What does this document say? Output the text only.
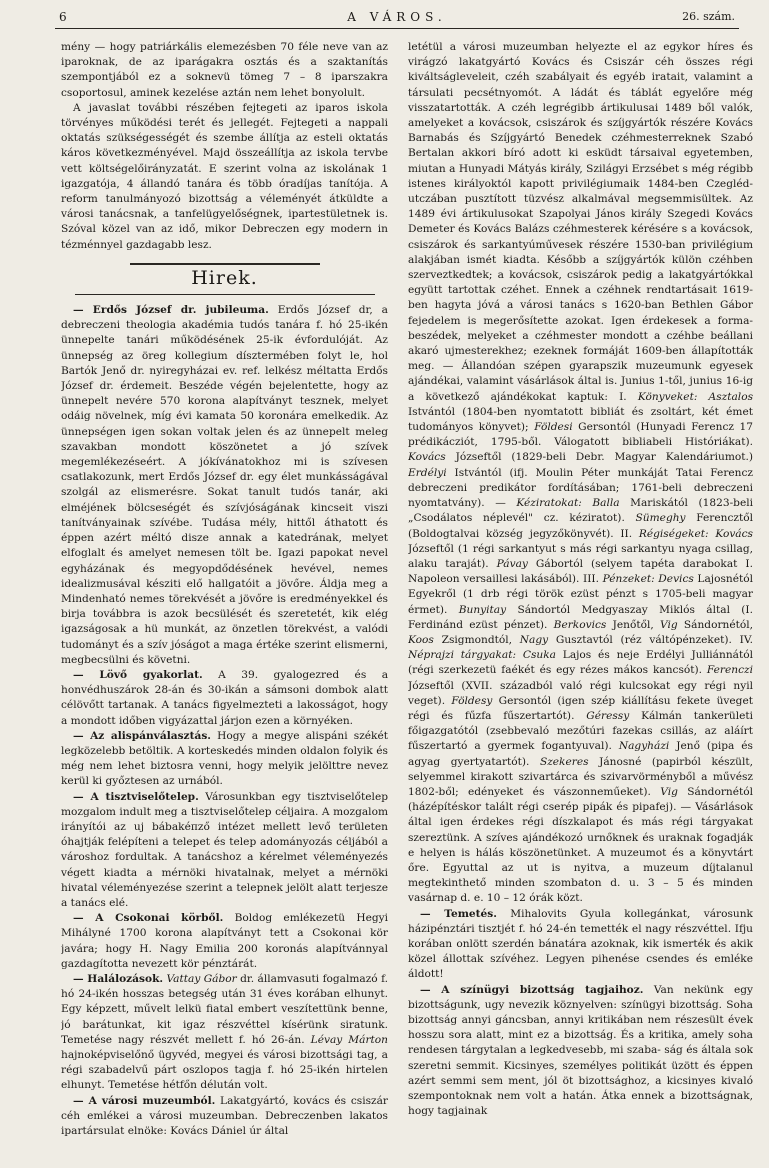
6	A VÁROS.	26. szám.

mény — hogy patriárkális elemezésben 70 féle neve van az iparoknak, de az iparágakra osztás és a szaktanítás szempontjából ez a soknevü tömeg 7 – 8 iparszakra csoportosul, aminek kezelése aztán nem lehet bonyolult.

A javaslat további részében fejtegeti az iparos iskola törvényes működési terét és jellegét. Fejtegeti a nappali oktatás szükségességét és szembe állítja az esteli oktatás káros következményével. Majd összeállítja az iskola tervbe vett költségelőirányzatát. E szerint volna az iskolának 1 igazgatója, 4 állandó tanára és több óradíjas tanítója. A reform tanulmányozó bizottság a véleményét átküldte a városi tanácsnak, a tanfelügyelőségnek, ipartestületnek is. Szóval közel van az idő, mikor Debreczen egy modern in tézménnyel gazdagabb lesz.

Hirek.

— Erdős József dr. jubileuma. Erdős József dr, a debreczeni theologia akadémia tudós tanára f. hó 25-ikén ünnepelte tanári működésének 25-ik évfordulóját. Az ünnepség az öreg kollegium dísztermében folyt le, hol Bartók Jenő dr. nyiregyházai ev. ref. lelkész méltatta Erdős József dr. érdemeit. Beszéde végén bejelentette, hogy az ünnepelt nevére 570 korona alapítványt tesznek, melyet odáig növelnek, míg évi kamata 50 koronára emelkedik. Az ünnepségen igen sokan voltak jelen és az ünnepelt meleg szavakban mondott köszönetet a jó szívek megemlékezéseért. A jókívánatokhoz mi is szívesen csatlakozunk, mert Erdős József dr. egy élet munkásságával szolgál az elismerésre. Sokat tanult tudós tanár, aki elméjének bölcseségét és szívjóságának kincseit viszi tanítványainak szívébe. Tudása mély, hittől áthatott és éppen azért méltó disze annak a katedrának, melyet elfoglalt és amelyet nemesen tölt be. Igazi papokat nevel egyházának és megyopdődésének hevével, nemes idealizmusával késziti elő hallgatóit a jövőre. Áldja meg a Mindenható nemes törekvését a jövőre is eredményekkel és birja továbbra is azok becsülését és szeretetét, kik elég igazságosak a hü munkát, az önzetlen törekvést, a valódi tudományt és a szív jóságot a maga értéke szerint elismerni, megbecsülni és követni.

— Lövő gyakorlat. A 39. gyalogezred és a honvédhuszárok 28-án és 30-ikán a sámsoni dombok alatt célövőtt tartanak. A tanács figyelmezteti a lakosságot, hogy a mondott időben vigyázattal járjon ezen a környéken.

— Az alispánválasztás. Hogy a megye alispáni székét legközelebb betöltik. A korteskedés minden oldalon folyik és még nem lehet biztosra venni, hogy melyik jelölttre nevez kerül ki győztesen az urnából.

— A tisztviselőtelep. Városunkban egy tisztviselőtelep mozgalom indult meg a tisztviselőtelep céljaira. A mozgalom irányítói az uj bábakéпző intézet mellett levő területen óhajtják felépíteni a telepet és telep adományozás céljából a városhoz fordultak. A tanácshoz a kérelmet véleményezés végett kiadta a mérnöki hivatalnak, melyet a mérnöki hivatal véleményezése szerint a telepnek jelölt alatt terjesze a tanács elé.

— A Csokonai körből. Boldog emlékezetü Hegyi Mihályné 1700 korona alapítványt tett a Csokonai kör javára; hogy H. Nagy Emilia 200 koronás alapítvánnyal gazdagította nevezett kör pénztárát.

— Halálozások. Vattay Gábor dr. államvasuti fogalmazó f. hó 24-ikén hosszas betegség után 31 éves korában elhunyt. Egy képzett, művelt lelkü fiatal embert veszítettünk benne, jó barátunkat, kit igaz részvéttel kísérünk siratunk. Temetése nagy részvét mellett f. hó 26-án. Lévay Márton hajnoképviselőnő ügyvéd, megyei és városi bizottsági tag, a régi szabadelvű párt oszlopos tagja f. hó 25-ikén hirtelen elhunyt. Temetése hétfőn délután volt.

— A városi muzeumból. Lakatgyártó, kovács és csiszár céh emlékei a városi muzeumban. Debreczenben lakatos ipartársulat elnöke: Kovács Dániel úr által

letétül a városi muzeumban helyezte el az egykor híres és virágzó lakatgyártó Kovács és Csiszár céh összes régi kiváltságleveleit, czéh szabályait és egyéb iratait, valamint a társulati pecsétnyomót. A ládát és táblát egyelőre még visszatartották. A czéh legrégibb ártikulusai 1489 ből valók, amelyeket a kovácsok, csiszárok és szíjgyártók részére Kovács Barnabás és Szíjgyártó Benedek czéhmesterreknek Szabó Bertalan akkori bíró adott ki esküdt társaival egyetemben, miutan a Hunyadi Mátyás király, Szilágyi Erzsébet s még régibb istenes királyoktól kapott privilégiumaik 1484-ben Czegléd-utczában pusztított tüzvész alkalmával megsemmisültek. Az 1489 évi ártikulusokat Szapolyai János király Szegedi Kovács Demeter és Kovács Balázs czéhmesterek kérésére s a kovácsok, csiszárok és sarkantyúművesek részére 1530-ban privilégium alakjában ismét kiadta. Később a szíjgyártók külön czéhben szerveztkedtek; a kovácsok, csiszárok pedig a lakatgyártókkal együtt tartottak czéhet. Ennek a czéhnek rendtartásait 1619-ben hagyta jóvá a városi tanács s 1620-ban Bethlen Gábor fejedelem is megerősítette azokat. Igen érdekesek a forma-beszédek, melyeket a czéhmester mondott a czéhbe beállani akaró ujmesterekhez; ezeknek formáját 1609-ben állapították meg. — Állandóan szépen gyarapszik muzeumunk egyesek ajándékai, valamint vásárlások által is. Junius 1-től, junius 16-ig a következő ajándékokat kaptuk: I. Könyveket: Asztalos Istvántól (1804-ben nyomtatott bibliát és zsoltárt, két émet tudományos könyvet); Földesi Gersontól (Hunyadi Ferencz 17 prédikácziót, 1795-ből. Válogatott bibliabeli Históriákat). Kovács Józseftől (1829-beli Debr. Magyar Kalendáriumot.) Erdélyi Istvántól (ifj. Moulin Péter munkáját Tatai Ferencz debreczeni predikátor fordításában; 1761-beli debreczeni nyomtatvány). — Kéziratokat: Balla Mariskától (1823-beli „Csodálatos néplevél" cz. kéziratot). Sümeghy Ferencztől (Boldogtalvai község jegyzőkönyvét). II. Régiségeket: Kovács Józseftől (1 régi sarkantyut s más régi sarkantyu nyaga csillag, alaku taraját). Pávay Gábortól (selyem tapéta darabokat I. Napoleon versaillesi lakásából). III. Pénzeket: Devics Lajosnétól Egyekről (1 drb régi török ezüst pénzt s 1705-beli magyar érmet). Bunyitay Sándortól Medgyaszay Miklós által (I. Ferdinánd ezüst pénzet). Berkovics Jenőtől, Vig Sándornétól, Koos Zsigmondtól, Nagy Gusztavtól (réz váltópénzeket). IV. Néprajzi tárgyakat: Csuka Lajos és neje Erdélyi Julliánnától (régi szerkezetü faékét és egy rézes mákos kancsót). Ferenczi Józseftől (XVII. századból való régi kulcsokat egy régi nyil veget). Földesy Gersontól (igen szép kiállításu fekete üveget régi és fűzfa fűszertartót). Géressy Kálmán tankerületi főigazgatótól (zsebbevaló mezőtúri fazekas csillás, az aláírt fűszertartó a gyermek fogantyuval). Nagyházi Jenő (pipa és agyag gyertyatartót). Szekeres Jánosné (papirból készült, selyemmel kirakott szivartárca és szivarvörményből a művész 1802-ből; edényeket és vászonneműeket). Vig Sándornétól (házépítéskor talált régi cserép pipák és pipafej). — Vásárlások által igen érdekes régi díszkalapot és más régi tárgyakat szereztünk. A szíves ajándékozó urnőknek és uraknak fogadják e helyen is hálás köszönetünket. A muzeumot és a könyvtárt őre. Egyuttal az ut is nyitva, a muzeum díjtalanul megtekinthető minden szombaton d. u. 3 – 5 és minden vasárnap d. e. 10 – 12 órák közt.

— Temetés. Mihalovits Gyula kollegánkat, városunk házipénztári tisztjét f. hó 24-én temették el nagy részvéttel. Ifju korában onlött szerdén bánatára azoknak, kik ismerték és akik közel állottak szívéhez. Legyen pihenése csendes és emléke áldott!

— A színügyi bizottság tagjaihoz. Van nekünk egy bizottságunk, ugy nevezik köznyelven: színügyi bizottság. Soha bizottság annyi gáncsban, annyi kritikában nem részesült évek hosszu sora alatt, mint ez a bizottság. És a kritika, amely soha rendesen tárgytalan a legkedvesebb, mi szaba- ság és általa sok szeretni semmit. Kicsinyes, személyes politikát üzött és éppen azért semmi sem ment, jól öt bizottsághoz, a kicsinyes kivaló szempontoknak nem volt a hatán. Átka ennek a bizottságnak, hogy tagjainak
